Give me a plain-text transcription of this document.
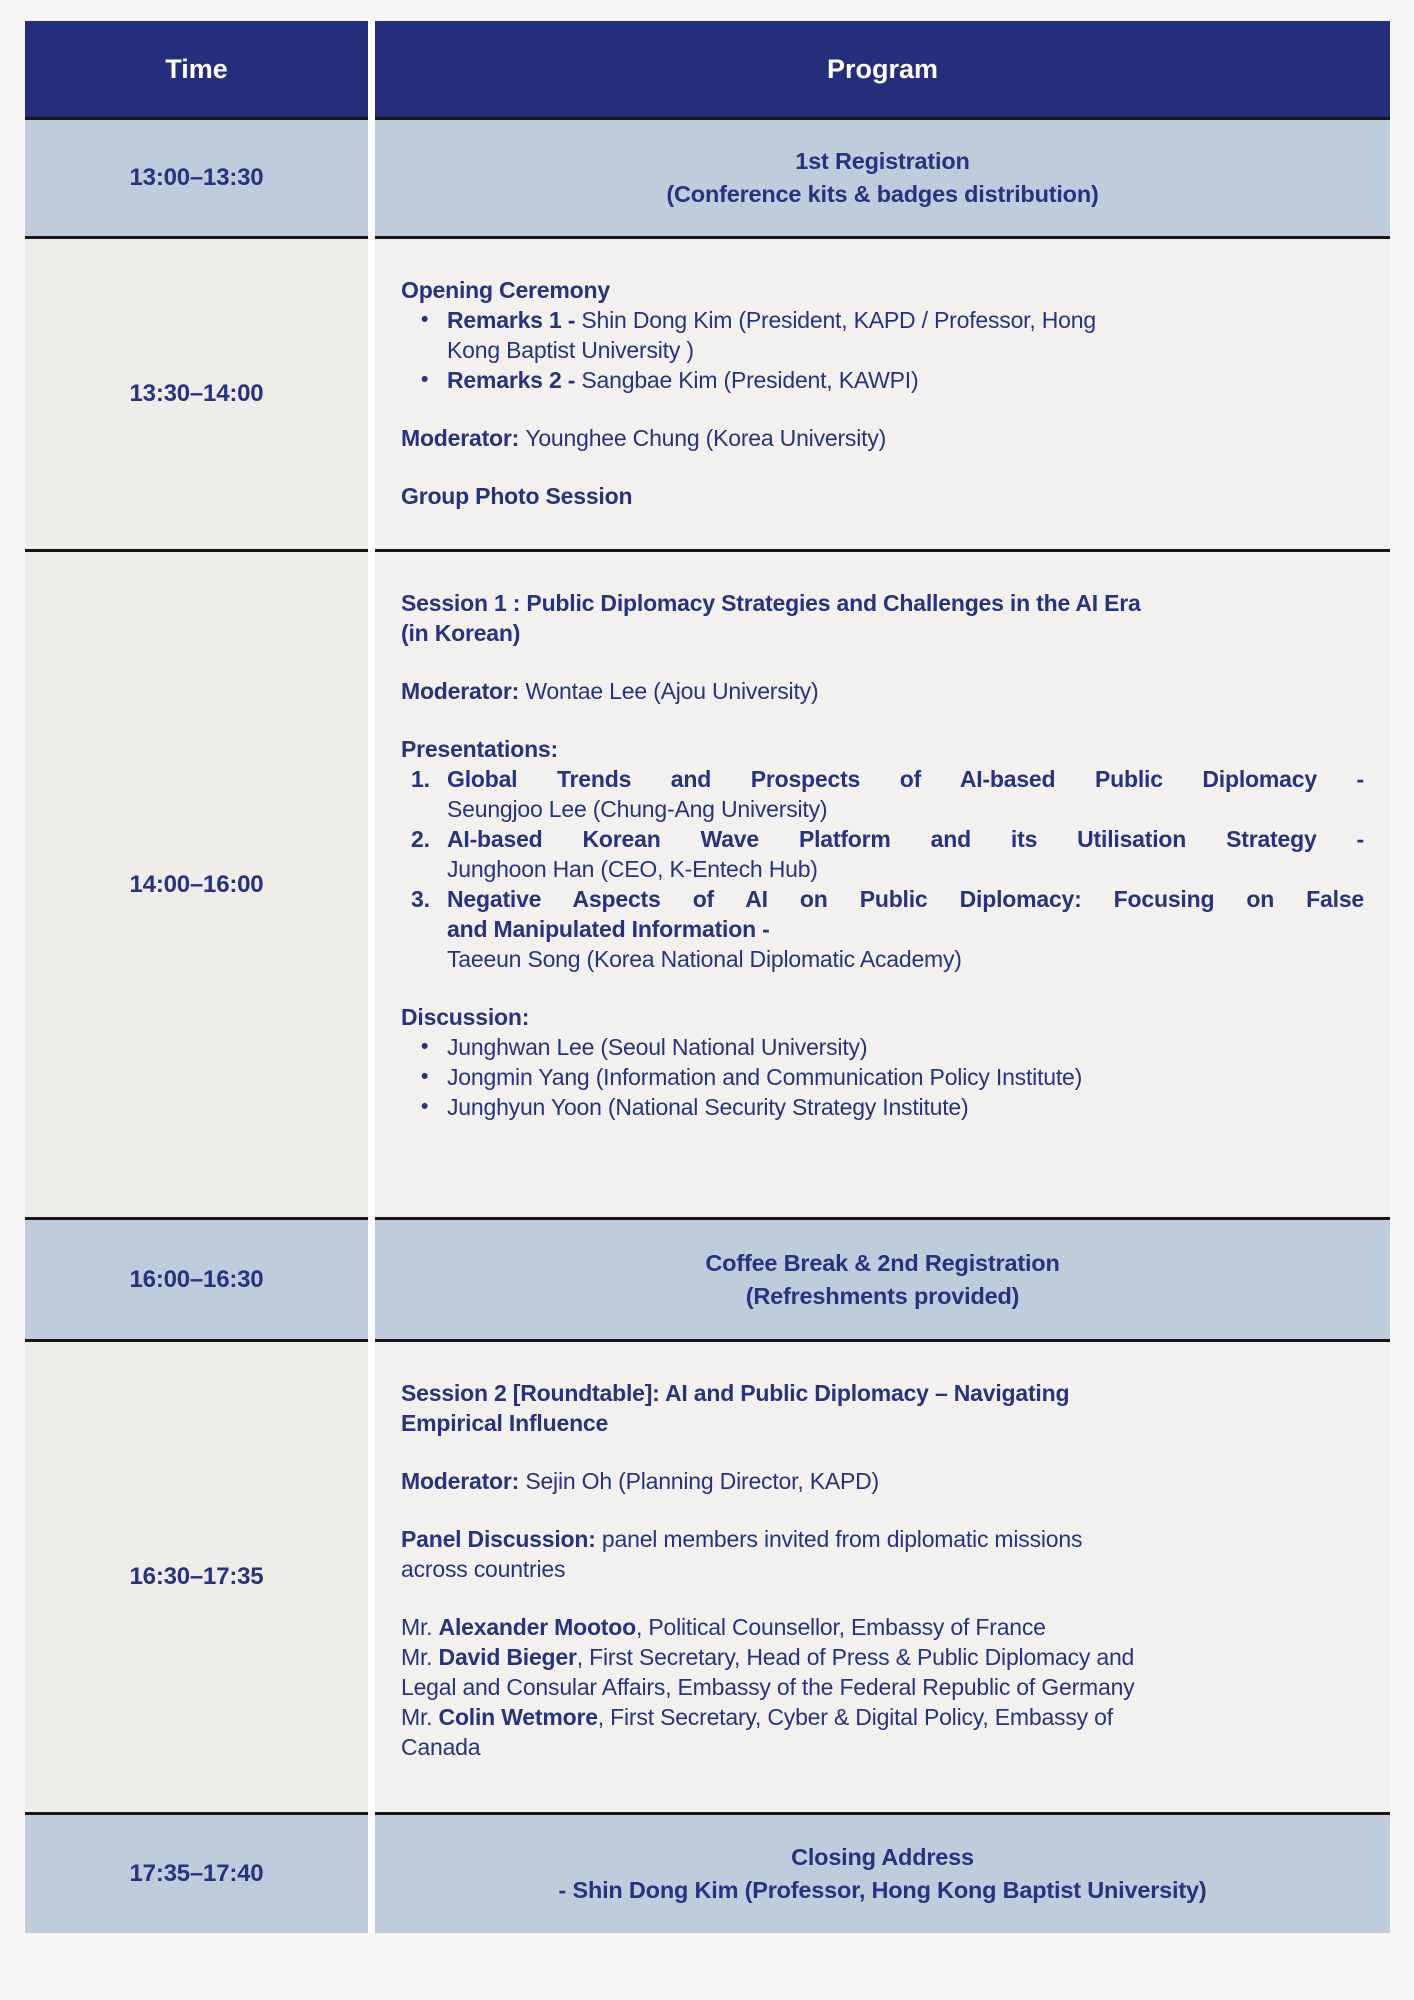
Time	Program
13:00–13:30
1st Registration
(Conference kits & badges distribution)
13:30–14:00
Opening Ceremony
• Remarks 1 - Shin Dong Kim (President, KAPD / Professor, Hong
Kong Baptist University )
• Remarks 2 - Sangbae Kim (President, KAWPI)
Moderator: Younghee Chung (Korea University)
Group Photo Session
14:00–16:00
Session 1 : Public Diplomacy Strategies and Challenges in the AI Era
(in Korean)
Moderator: Wontae Lee (Ajou University)
Presentations:
1. Global Trends and Prospects of AI-based Public Diplomacy -
Seungjoo Lee (Chung-Ang University)
2. AI-based Korean Wave Platform and its Utilisation Strategy -
Junghoon Han (CEO, K-Entech Hub)
3. Negative Aspects of AI on Public Diplomacy: Focusing on False
and Manipulated Information -
Taeeun Song (Korea National Diplomatic Academy)
Discussion:
• Junghwan Lee (Seoul National University)
• Jongmin Yang (Information and Communication Policy Institute)
• Junghyun Yoon (National Security Strategy Institute)
16:00–16:30
Coffee Break & 2nd Registration
(Refreshments provided)
16:30–17:35
Session 2 [Roundtable]: AI and Public Diplomacy – Navigating
Empirical Influence
Moderator: Sejin Oh (Planning Director, KAPD)
Panel Discussion: panel members invited from diplomatic missions
across countries
Mr. Alexander Mootoo, Political Counsellor, Embassy of France
Mr. David Bieger, First Secretary, Head of Press & Public Diplomacy and
Legal and Consular Affairs, Embassy of the Federal Republic of Germany
Mr. Colin Wetmore, First Secretary, Cyber & Digital Policy, Embassy of
Canada
17:35–17:40
Closing Address
- Shin Dong Kim (Professor, Hong Kong Baptist University)
